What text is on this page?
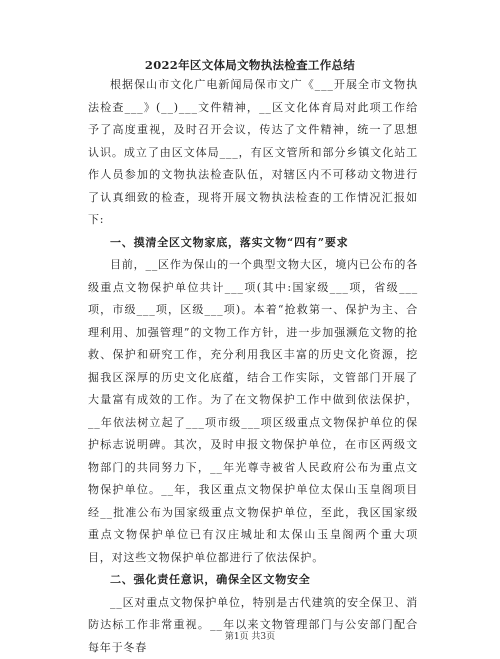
2022年区文体局文物执法检查工作总结

根据保山市文化广电新闻局保市文广《___开展全市文物执法检查___》(__)___文件精神，__区文化体育局对此项工作给予了高度重视，及时召开会议，传达了文件精神，统一了思想认识。成立了由区文体局___，有区文管所和部分乡镇文化站工作人员参加的文物执法检查队伍，对辖区内不可移动文物进行了认真细致的检查，现将开展文物执法检查的工作情况汇报如下:

一、摸清全区文物家底，落实文物“四有”要求

目前，__区作为保山的一个典型文物大区，境内已公布的各级重点文物保护单位共计___项(其中:国家级___项，省级___项，市级___项，区级___项)。本着“抢救第一、保护为主、合理利用、加强管理”的文物工作方针，进一步加强濒危文物的抢救、保护和研究工作，充分利用我区丰富的历史文化资源，挖掘我区深厚的历史文化底蕴，结合工作实际，文管部门开展了大量富有成效的工作。为了在文物保护工作中做到依法保护，__年依法树立起了___项市级___项区级重点文物保护单位的保护标志说明碑。其次，及时申报文物保护单位，在市区两级文物部门的共同努力下，__年光尊寺被省人民政府公布为重点文物保护单位。__年，我区重点文物保护单位太保山玉皇阁项目经__批准公布为国家级重点文物保护单位，至此，我区国家级重点文物保护单位已有汉庄城址和太保山玉皇阁两个重大项目，对这些文物保护单位都进行了依法保护。

二、强化责任意识，确保全区文物安全

__区对重点文物保护单位，特别是古代建筑的安全保卫、消防达标工作非常重视。__年以来文物管理部门与公安部门配合每年于冬春

第1页 共3页
